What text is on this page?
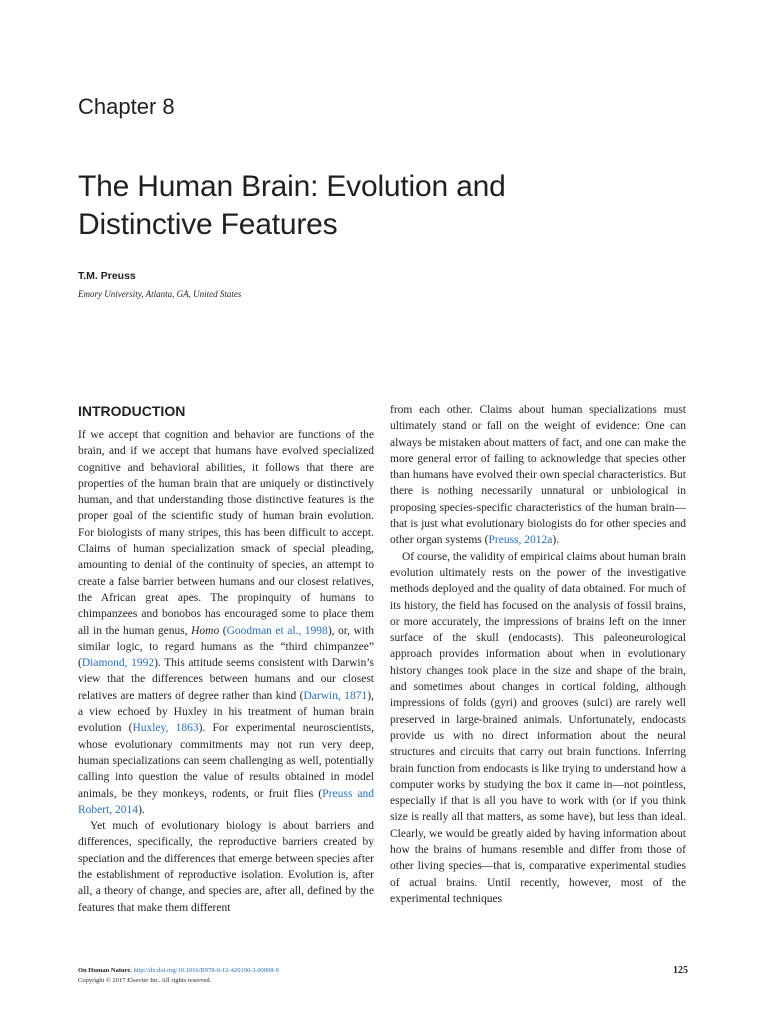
Chapter 8
The Human Brain: Evolution and
Distinctive Features
T.M. Preuss
Emory University, Atlanta, GA, United States
INTRODUCTION

If we accept that cognition and behavior are functions of the brain, and if we accept that humans have evolved specialized cognitive and behavioral abilities, it follows that there are properties of the human brain that are uniquely or distinctively human, and that understanding those distinctive features is the proper goal of the scientific study of human brain evolution. For biologists of many stripes, this has been difficult to accept. Claims of human specialization smack of special pleading, amounting to denial of the continuity of species, an attempt to create a false barrier between humans and our closest relatives, the African great apes. The propinquity of humans to chimpanzees and bonobos has encouraged some to place them all in the human genus, Homo (Goodman et al., 1998), or, with similar logic, to regard humans as the “third chimpanzee” (Diamond, 1992). This attitude seems consistent with Darwin’s view that the differences between humans and our closest relatives are matters of degree rather than kind (Darwin, 1871), a view echoed by Huxley in his treatment of human brain evolution (Huxley, 1863). For experimental neuroscientists, whose evolutionary commitments may not run very deep, human specializations can seem challenging as well, potentially calling into question the value of results obtained in model animals, be they monkeys, rodents, or fruit flies (Preuss and Robert, 2014).

Yet much of evolutionary biology is about barriers and differences, specifically, the reproductive barriers created by speciation and the differences that emerge between species after the establishment of reproductive isolation. Evolution is, after all, a theory of change, and species are, after all, defined by the features that make them different

from each other. Claims about human specializations must ultimately stand or fall on the weight of evidence: One can always be mistaken about matters of fact, and one can make the more general error of failing to acknowledge that species other than humans have evolved their own special characteristics. But there is nothing necessarily unnatural or unbiological in proposing species-specific characteristics of the human brain—that is just what evolutionary biologists do for other species and other organ systems (Preuss, 2012a).

Of course, the validity of empirical claims about human brain evolution ultimately rests on the power of the investigative methods deployed and the quality of data obtained. For much of its history, the field has focused on the analysis of fossil brains, or more accurately, the impressions of brains left on the inner surface of the skull (endocasts). This paleoneurological approach provides information about when in evolutionary history changes took place in the size and shape of the brain, and sometimes about changes in cortical folding, although impressions of folds (gyri) and grooves (sulci) are rarely well preserved in large-brained animals. Unfortunately, endocasts provide us with no direct information about the neural structures and circuits that carry out brain functions. Inferring brain function from endocasts is like trying to understand how a computer works by studying the box it came in—not pointless, especially if that is all you have to work with (or if you think size is really all that matters, as some have), but less than ideal. Clearly, we would be greatly aided by having information about how the brains of humans resemble and differ from those of other living species—that is, comparative experimental studies of actual brains. Until recently, however, most of the experimental techniques

On Human Nature. http://dx.doi.org/10.1016/B978-0-12-420190-3.00008-9
Copyright © 2017 Elsevier Inc. All rights reserved.
125
